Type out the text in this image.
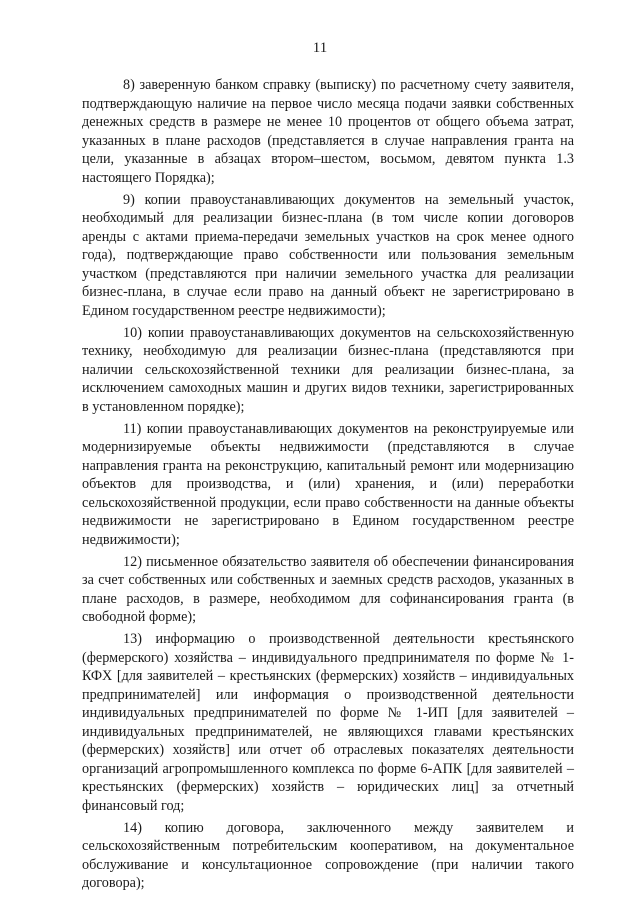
11

8) заверенную банком справку (выписку) по расчетному счету заявителя, подтверждающую наличие на первое число месяца подачи заявки собственных денежных средств в размере не менее 10 процентов от общего объема затрат, указанных в плане расходов (представляется в случае направления гранта на цели, указанные в абзацах втором–шестом, восьмом, девятом пункта 1.3 настоящего Порядка);

9) копии правоустанавливающих документов на земельный участок, необходимый для реализации бизнес-плана (в том числе копии договоров аренды с актами приема-передачи земельных участков на срок менее одного года), подтверждающие право собственности или пользования земельным участком (представляются при наличии земельного участка для реализации бизнес-плана, в случае если право на данный объект не зарегистрировано в Едином государственном реестре недвижимости);

10) копии правоустанавливающих документов на сельскохозяйственную технику, необходимую для реализации бизнес-плана (представляются при наличии сельскохозяйственной техники для реализации бизнес-плана, за исключением самоходных машин и других видов техники, зарегистрированных в установленном порядке);

11) копии правоустанавливающих документов на реконструируемые или модернизируемые объекты недвижимости (представляются в случае направления гранта на реконструкцию, капитальный ремонт или модернизацию объектов для производства, и (или) хранения, и (или) переработки сельскохозяйственной продукции, если право собственности на данные объекты недвижимости не зарегистрировано в Едином государственном реестре недвижимости);

12) письменное обязательство заявителя об обеспечении финансирования за счет собственных или собственных и заемных средств расходов, указанных в плане расходов, в размере, необходимом для софинансирования гранта (в свободной форме);

13) информацию о производственной деятельности крестьянского (фермерского) хозяйства – индивидуального предпринимателя по форме № 1-КФХ [для заявителей – крестьянских (фермерских) хозяйств – индивидуальных предпринимателей] или информация о производственной деятельности индивидуальных предпринимателей по форме № 1-ИП [для заявителей – индивидуальных предпринимателей, не являющихся главами крестьянских (фермерских) хозяйств] или отчет об отраслевых показателях деятельности организаций агропромышленного комплекса по форме 6-АПК [для заявителей – крестьянских (фермерских) хозяйств – юридических лиц] за отчетный финансовый год;

14) копию договора, заключенного между заявителем и сельскохозяйственным потребительским кооперативом, на документальное обслуживание и консультационное сопровождение (при наличии такого договора);
